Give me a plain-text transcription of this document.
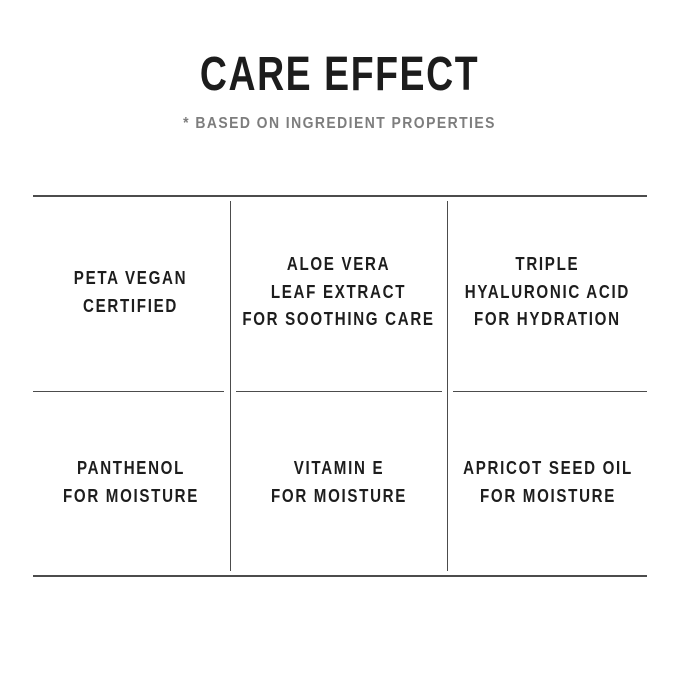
CARE EFFECT
* BASED ON INGREDIENT PROPERTIES
PETA VEGAN
CERTIFIED
ALOE VERA
LEAF EXTRACT
FOR SOOTHING CARE
TRIPLE
HYALURONIC ACID
FOR HYDRATION
PANTHENOL
FOR MOISTURE
VITAMIN E
FOR MOISTURE
APRICOT SEED OIL
FOR MOISTURE
